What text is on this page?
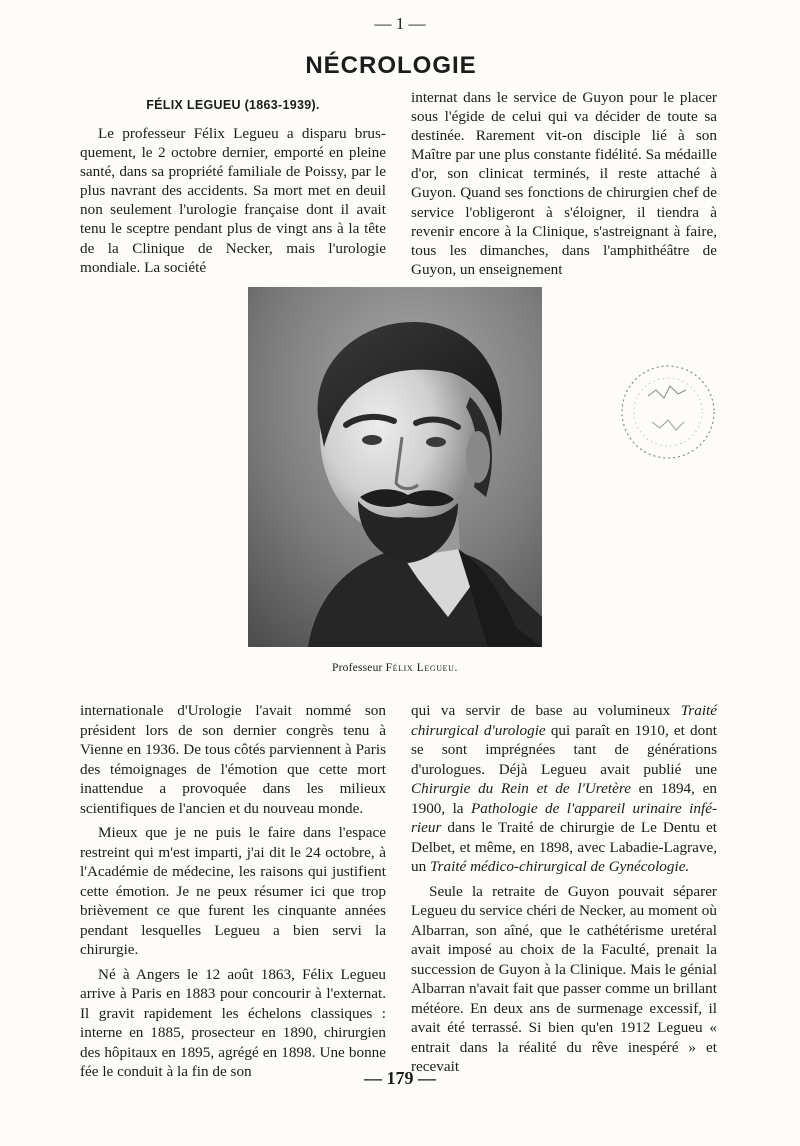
— 1 —
NÉCROLOGIE
FÉLIX LEGUEU (1863-1939).

Le professeur Félix Legueu a disparu brusquement, le 2 octobre dernier, emporté en pleine santé, dans sa propriété familiale de Poissy, par le plus navrant des accidents. Sa mort met en deuil non seulement l'urologie française dont il avait tenu le sceptre pendant plus de vingt ans à la tête de la Clinique de Necker, mais l'urologie mondiale. La société

internat dans le service de Guyon pour le placer sous l'égide de celui qui va décider de toute sa destinée. Rarement vit-on disciple lié à son Maître par une plus constante fidélité. Sa médaille d'or, son clinicat terminés, il reste attaché à Guyon. Quand ses fonctions de chirurgien chef de service l'obligeront à s'éloigner, il tiendra à revenir encore à la Clinique, s'astreignant à faire, tous les dimanches, dans l'amphithéâtre de Guyon, un enseignement

Professeur Félix Legueu.

internationale d'Urologie l'avait nommé son président lors de son dernier congrès tenu à Vienne en 1936. De tous côtés parviennent à Paris des témoignages de l'émotion que cette mort inattendue a provoquée dans les milieux scientifiques de l'ancien et du nouveau monde.

Mieux que je ne puis le faire dans l'espace restreint qui m'est imparti, j'ai dit le 24 octobre, à l'Académie de médecine, les raisons qui justifient cette émotion. Je ne peux résumer ici que trop brièvement ce que furent les cinquante années pendant lesquelles Legueu a bien servi la chirurgie.

Né à Angers le 12 août 1863, Félix Legueu arrive à Paris en 1883 pour concourir à l'externat. Il gravit rapidement les échelons classiques : interne en 1885, prosecteur en 1890, chirurgien des hôpitaux en 1895, agrégé en 1898. Une bonne fée le conduit à la fin de son

qui va servir de base au volumineux Traité chirurgical d'urologie qui paraît en 1910, et dont se sont imprégnées tant de générations d'urologues. Déjà Legueu avait publié une Chirurgie du Rein et de l'Uretère en 1894, en 1900, la Pathologie de l'appareil urinaire inférieur dans le Traité de chirurgie de Le Dentu et Delbet, et même, en 1898, avec Labadie-Lagrave, un Traité médico-chirurgical de Gynécologie.

Seule la retraite de Guyon pouvait séparer Legueu du service chéri de Necker, au moment où Albarran, son aîné, que le cathétérisme uretéral avait imposé au choix de la Faculté, prenait la succession de Guyon à la Clinique. Mais le génial Albarran n'avait fait que passer comme un brillant météore. En deux ans de surmenage excessif, il avait été terrassé. Si bien qu'en 1912 Legueu « entrait dans la réalité du rêve inespéré » et recevait

— 179 —
